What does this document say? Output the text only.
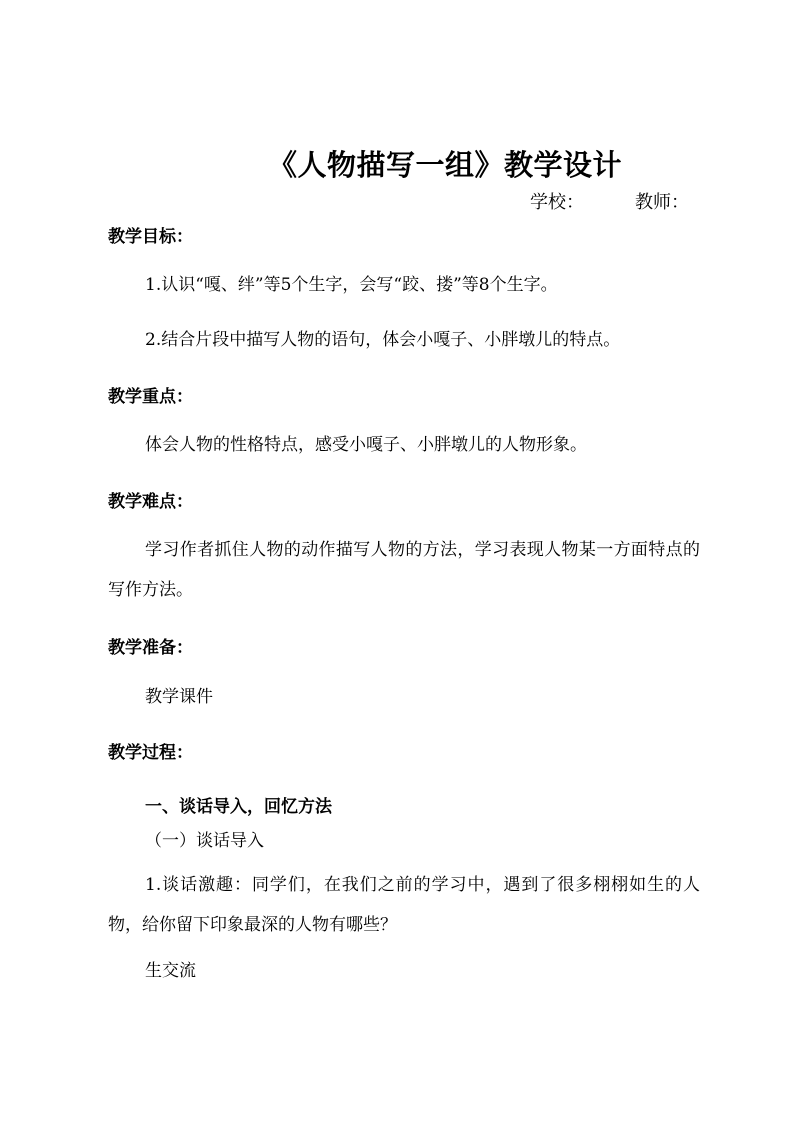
《人物描写一组》教学设计
学校：	教师：
教学目标：
1.认识“嘎、绊”等5个生字，会写“跤、搂”等8个生字。
2.结合片段中描写人物的语句，体会小嘎子、小胖墩儿的特点。
教学重点：
体会人物的性格特点，感受小嘎子、小胖墩儿的人物形象。
教学难点：
学习作者抓住人物的动作描写人物的方法，学习表现人物某一方面特点的写作方法。
教学准备：
教学课件
教学过程：
一、谈话导入，回忆方法
（一）谈话导入
1.谈话激趣：同学们，在我们之前的学习中，遇到了很多栩栩如生的人物，给你留下印象最深的人物有哪些？
生交流
